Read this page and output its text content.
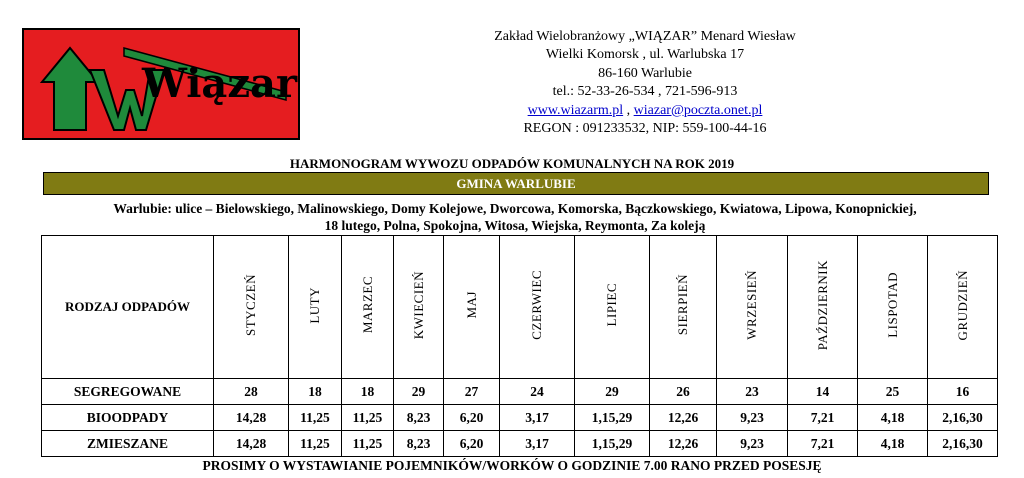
Wiązar
Zakład Wielobranżowy „WIĄZAR” Menard Wiesław
Wielki Komorsk , ul. Warlubska 17
86-160 Warlubie
tel.: 52-33-26-534 , 721-596-913
www.wiazarm.pl , wiazar@poczta.onet.pl
REGON : 091233532, NIP: 559-100-44-16
HARMONOGRAM WYWOZU ODPADÓW KOMUNALNYCH NA ROK 2019
GMINA WARLUBIE
Warlubie: ulice – Bielowskiego, Malinowskiego, Domy Kolejowe, Dworcowa, Komorska, Bączkowskiego, Kwiatowa, Lipowa, Konopnickiej,
18 lutego, Polna, Spokojna, Witosa, Wiejska, Reymonta, Za koleją
RODZAJ ODPADÓW	STYCZEŃ	LUTY	MARZEC	KWIECIEŃ	MAJ	CZERWIEC	LIPIEC	SIERPIEŃ	WRZESIEŃ	PAŹDZIERNIK	LISPOTAD	GRUDZIEŃ
SEGREGOWANE	28	18	18	29	27	24	29	26	23	14	25	16
BIOODPADY	14,28	11,25	11,25	8,23	6,20	3,17	1,15,29	12,26	9,23	7,21	4,18	2,16,30
ZMIESZANE	14,28	11,25	11,25	8,23	6,20	3,17	1,15,29	12,26	9,23	7,21	4,18	2,16,30
PROSIMY O WYSTAWIANIE POJEMNIKÓW/WORKÓW O GODZINIE 7.00 RANO PRZED POSESJĘ
